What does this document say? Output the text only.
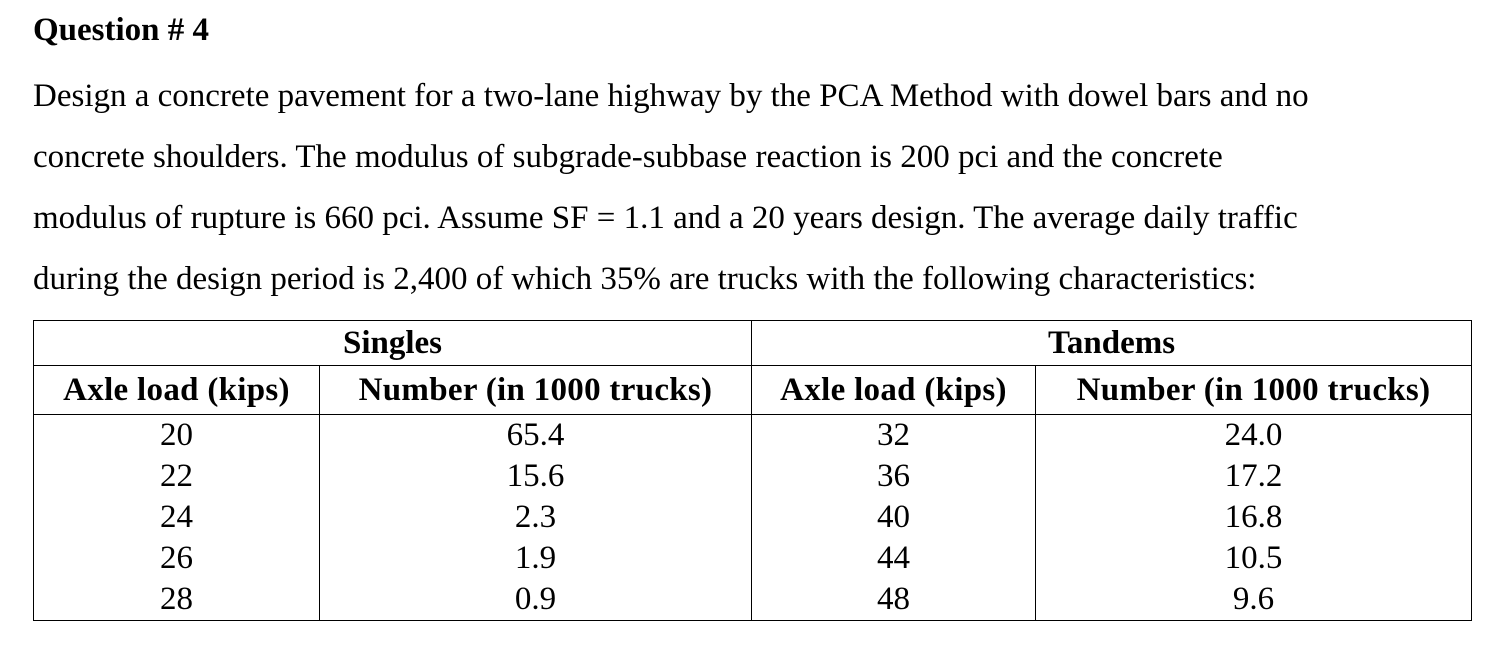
Question # 4
Design a concrete pavement for a two-lane highway by the PCA Method with dowel bars and no
concrete shoulders. The modulus of subgrade-subbase reaction is 200 pci and the concrete
modulus of rupture is 660 pci. Assume SF = 1.1 and a 20 years design. The average daily traffic
during the design period is 2,400 of which 35% are trucks with the following characteristics:
Singles		Tandems	
Axle load (kips)	Number (in 1000 trucks)	Axle load (kips)	Number (in 1000 trucks)
20	65.4	32	24.0
22	15.6	36	17.2
24	2.3	40	16.8
26	1.9	44	10.5
28	0.9	48	9.6
